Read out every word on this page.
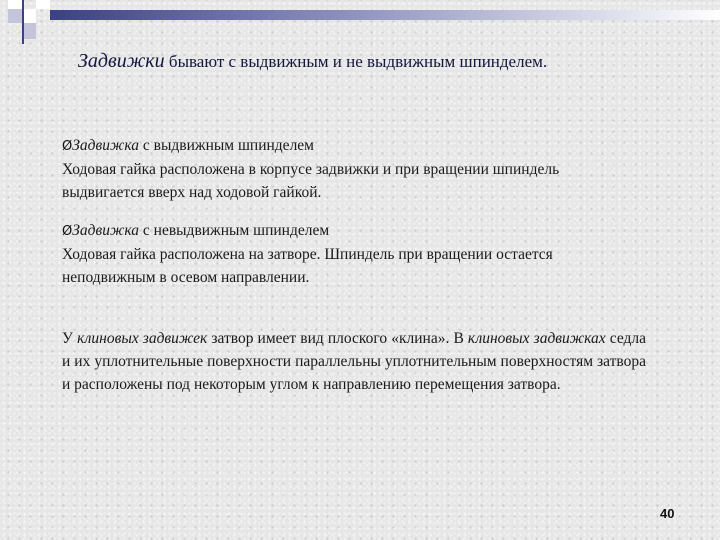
Задвижки бывают с выдвижным и не выдвижным шпинделем.
ØЗадвижка с выдвижным шпинделем
Ходовая гайка расположена в корпусе задвижки и при вращении шпиндель
выдвигается вверх над ходовой гайкой.
ØЗадвижка с невыдвижным шпинделем
Ходовая гайка расположена на затворе. Шпиндель при вращении остается
неподвижным в осевом направлении.
У клиновых задвижек затвор имеет вид плоского «клина». В клиновых задвижках седла и их уплотнительные поверхности параллельны уплотнительным поверхностям затвора и расположены под некоторым углом к направлению перемещения затвора.
40
